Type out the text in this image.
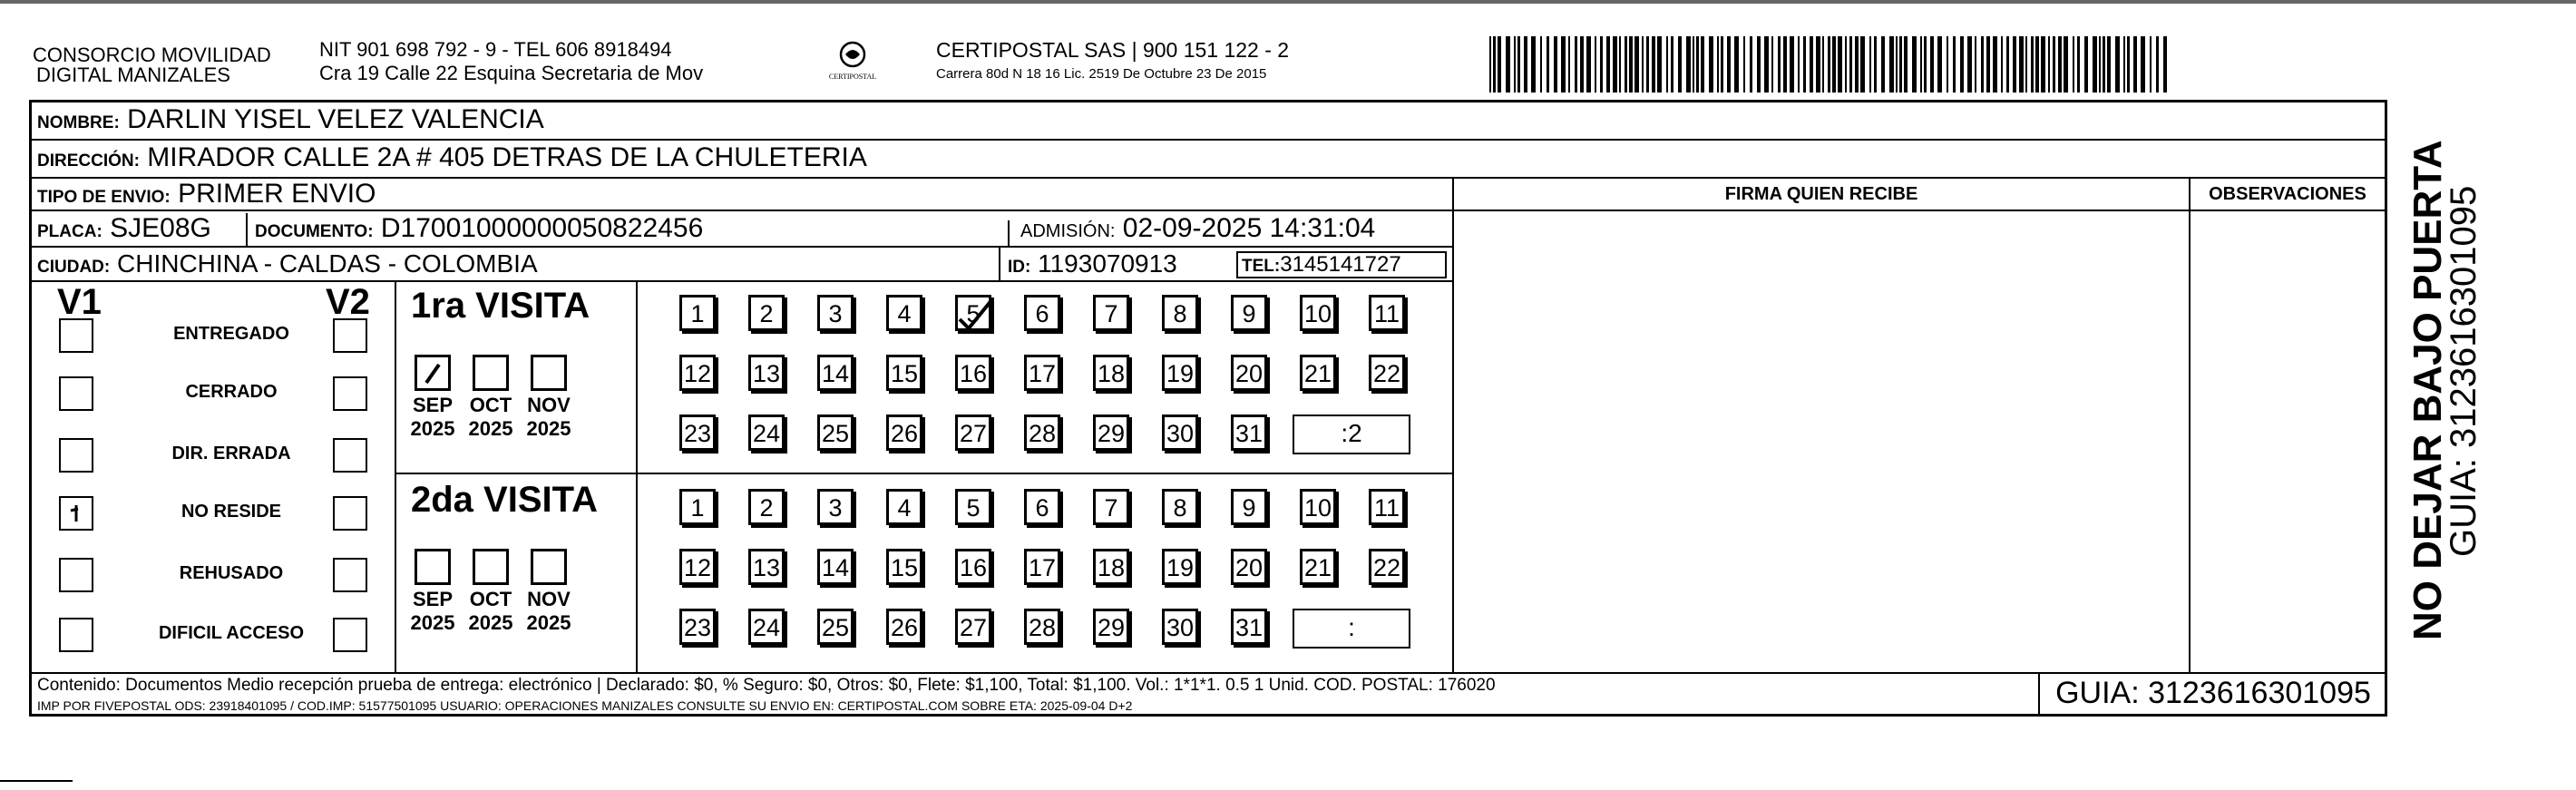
CONSORCIO MOVILIDAD
DIGITAL MANIZALES
NIT 901 698 792 - 9 - TEL 606 8918494
Cra 19 Calle 22 Esquina Secretaria de Mov	CERTIPOSTAL
CERTIPOSTAL SAS | 900 151 122 - 2
Carrera 80d N 18 16 Lic. 2519 De Octubre 23 De 2015
NOMBRE: DARLIN YISEL VELEZ VALENCIA
DIRECCIÓN: MIRADOR CALLE 2A # 405 DETRAS DE LA CHULETERIA
TIPO DE ENVIO: PRIMER ENVIO	FIRMA QUIEN RECIBE	OBSERVACIONES
PLACA: SJE08G	DOCUMENTO: D17001000000050822456	ADMISIÓN: 02-09-2025 14:31:04
CIUDAD: CHINCHINA - CALDAS - COLOMBIA	ID: 1193070913	TEL:3145141727
V1	V2
ENTREGADO
CERRADO
DIR. ERRADA
NO RESIDE
REHUSADO
DIFICIL ACCESO
1ra VISITA
2da VISITA
SEP
2025
OCT
2025
NOV
2025
SEP
2025
OCT
2025
NOV
2025
1	2	3	4	5	6	7	8	9	10 11
12 13 14 15 16 17 18 19 20 21 22
23 24 25 26 27 28 29 30 31	:2
1	2	3	4	5	6	7	8	9	10 11
12 13 14 15 16 17 18 19 20 21 22
23 24 25 26 27 28 29 30 31	:
Contenido: Documentos Medio recepción prueba de entrega: electrónico | Declarado: $0, % Seguro: $0, Otros: $0, Flete: $1,100, Total: $1,100. Vol.: 1*1*1. 0.5 1 Unid. COD. POSTAL: 176020
IMP POR FIVEPOSTAL ODS: 23918401095 / COD.IMP: 51577501095 USUARIO: OPERACIONES MANIZALES CONSULTE SU ENVIO EN: CERTIPOSTAL.COM SOBRE ETA: 2025-09-04 D+2	GUIA: 3123616301095
NO DEJAR BAJO PUERTA
GUIA: 3123616301095
